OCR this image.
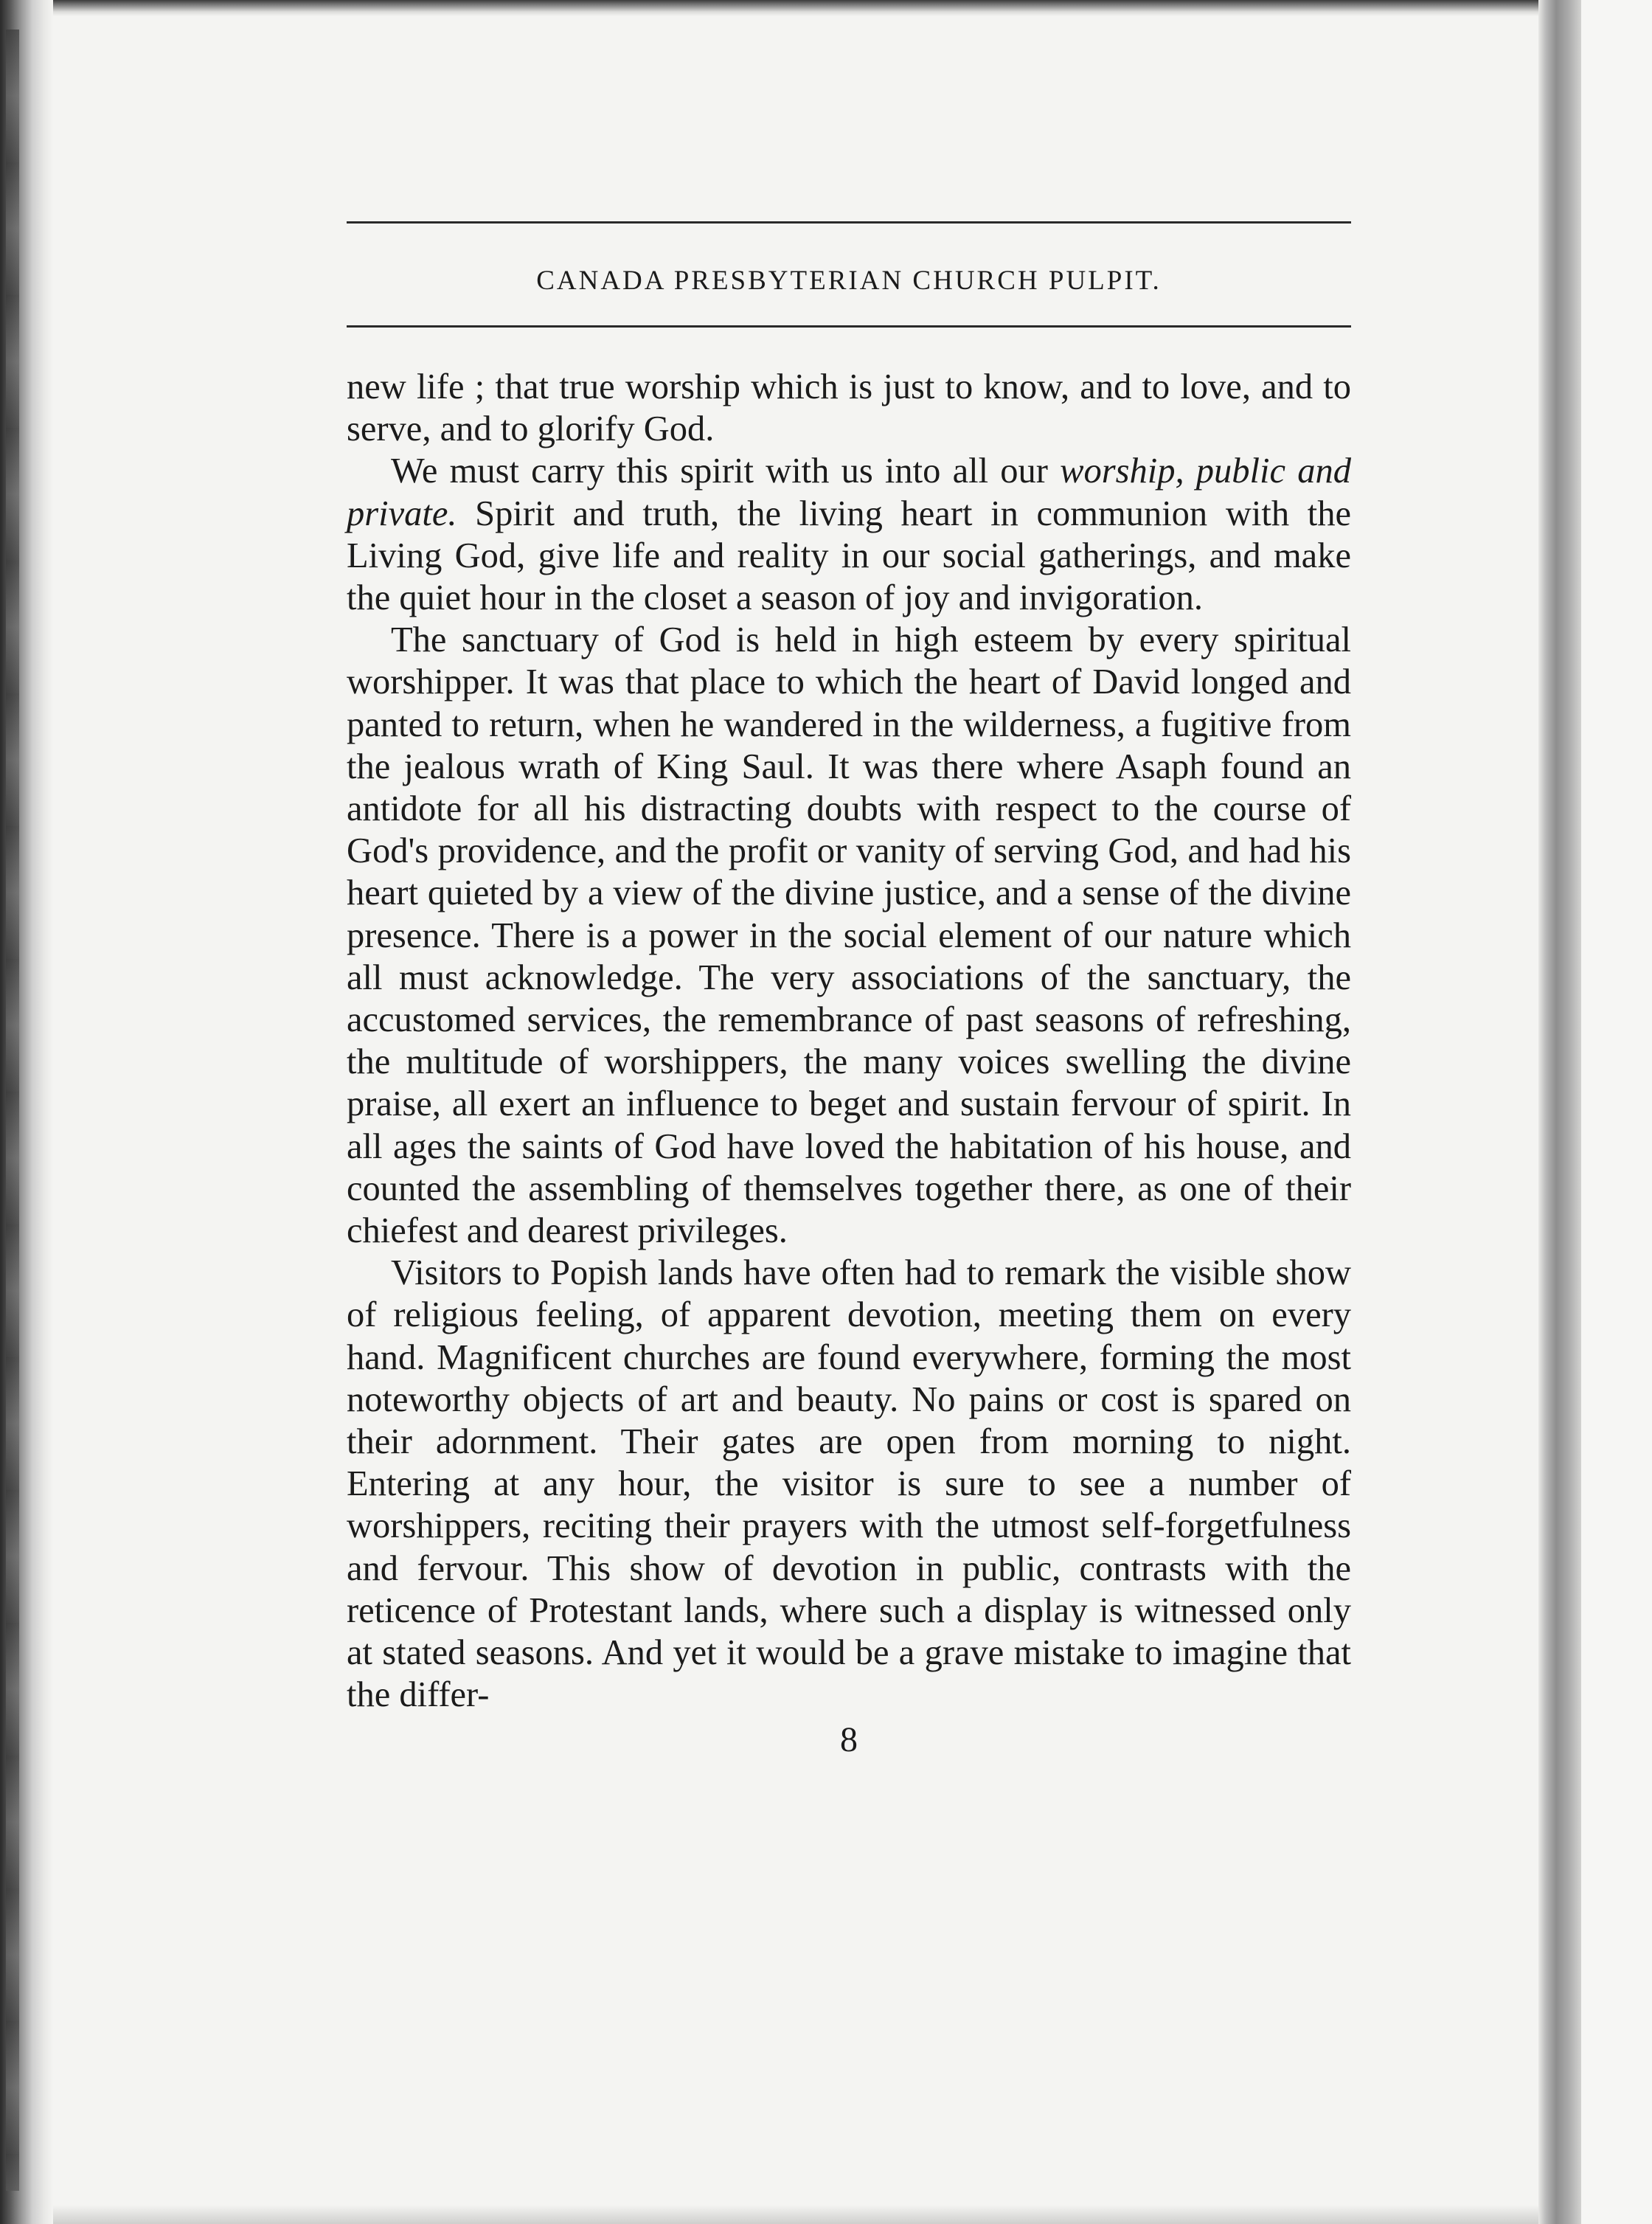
CANADA PRESBYTERIAN CHURCH PULPIT.

new life ; that true worship which is just to know, and to love, and to serve, and to glorify God.

We must carry this spirit with us into all our worship, public and private. Spirit and truth, the living heart in communion with the Living God, give life and reality in our social gatherings, and make the quiet hour in the closet a season of joy and invigoration.

The sanctuary of God is held in high esteem by every spiritual worshipper. It was that place to which the heart of David longed and panted to return, when he wandered in the wilderness, a fugitive from the jealous wrath of King Saul. It was there where Asaph found an antidote for all his distracting doubts with respect to the course of God's providence, and the profit or vanity of serving God, and had his heart quieted by a view of the divine justice, and a sense of the divine presence. There is a power in the social element of our nature which all must acknowledge. The very associations of the sanctuary, the accustomed services, the remembrance of past seasons of refreshing, the multitude of worshippers, the many voices swelling the divine praise, all exert an influence to beget and sustain fervour of spirit. In all ages the saints of God have loved the habitation of his house, and counted the assembling of themselves together there, as one of their chiefest and dearest privileges.

Visitors to Popish lands have often had to remark the visible show of religious feeling, of apparent devotion, meeting them on every hand. Magnificent churches are found everywhere, forming the most noteworthy objects of art and beauty. No pains or cost is spared on their adornment. Their gates are open from morning to night. Entering at any hour, the visitor is sure to see a number of worshippers, reciting their prayers with the utmost self-forgetfulness and fervour. This show of devotion in public, contrasts with the reticence of Protestant lands, where such a display is witnessed only at stated seasons. And yet it would be a grave mistake to imagine that the differ-

8
